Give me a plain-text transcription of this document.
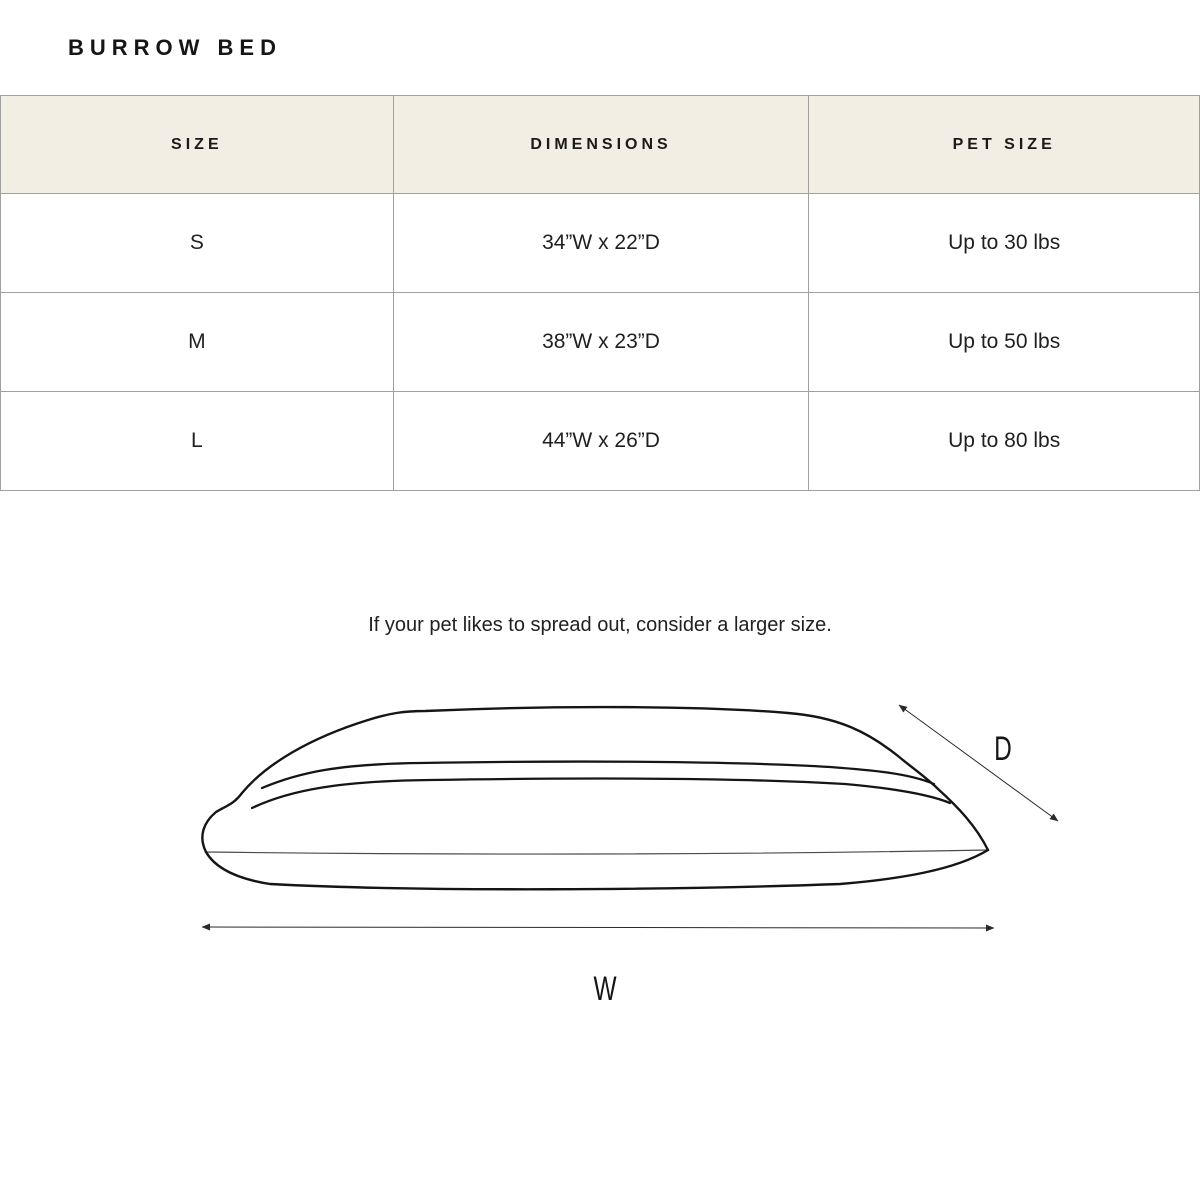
BURROW BED
SIZE	DIMENSIONS	PET SIZE
S	34”W x 22”D	Up to 30 lbs
M	38”W x 23”D	Up to 50 lbs
L	44”W x 26”D	Up to 80 lbs

If your pet likes to spread out, consider a larger size.

D
W
